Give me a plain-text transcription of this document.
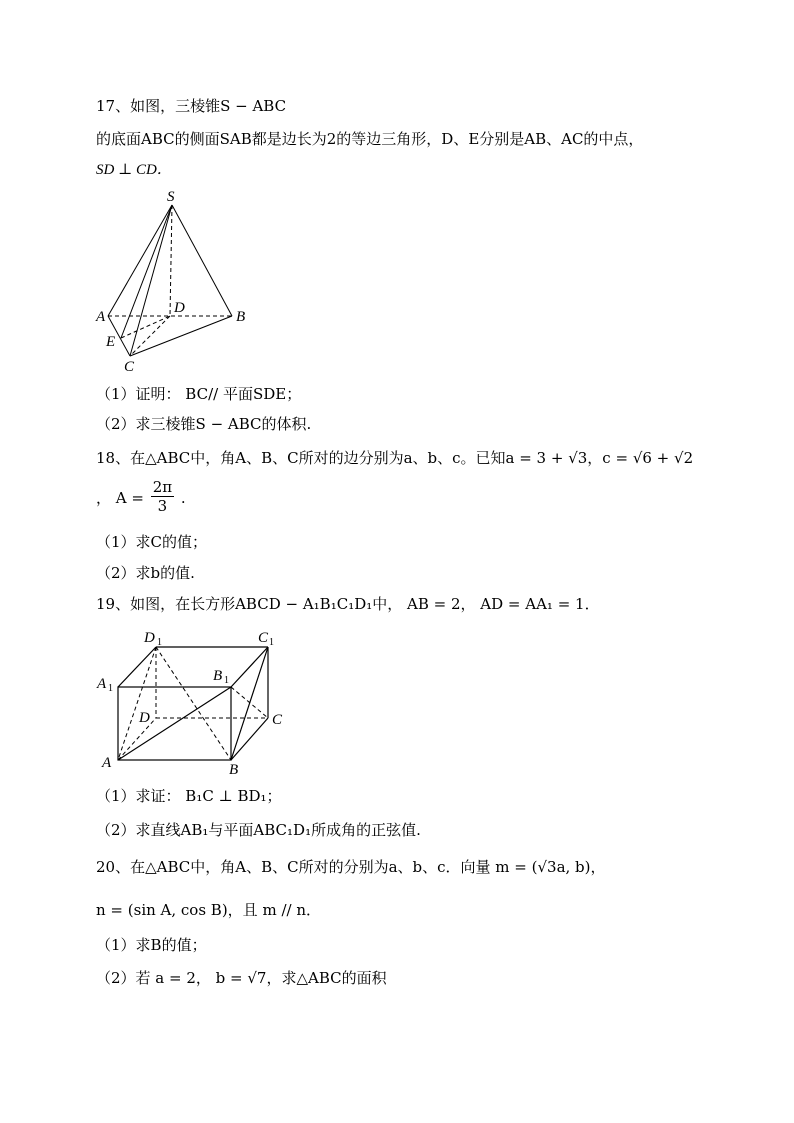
17、如图，三棱锥S − ABC
的底面ABC的侧面SAB都是边长为2的等边三角形，D、E分别是AB、AC的中点，
SD ⊥ CD．
S
A	B
C
D
E
（1）证明： BC// 平面SDE；
（2）求三棱锥S − ABC的体积.
18、在△ABC中，角A、B、C所对的边分别为a、b、c。已知a = 3 + √3，c = √6 + √2
， $A = \frac{2\pi}{3}$ .
（1）求C的值；
（2）求b的值.
19、如图，在长方形ABCD − A₁B₁C₁D₁中， AB = 2， AD = AA₁ = 1．
D 1	C 1
A 1
B 1
D	C
A	B
（1）求证： B₁C ⊥ BD₁；
（2）求直线AB₁与平面ABC₁D₁所成角的正弦值.
20、在△ABC中，角A、B、C所对的分别为a、b、c．向量 m = (√3a, b)，
n = (sin A, cos B)，且 m // n．
（1）求B的值；
（2）若 a = 2， b = √7，求△ABC的面积
